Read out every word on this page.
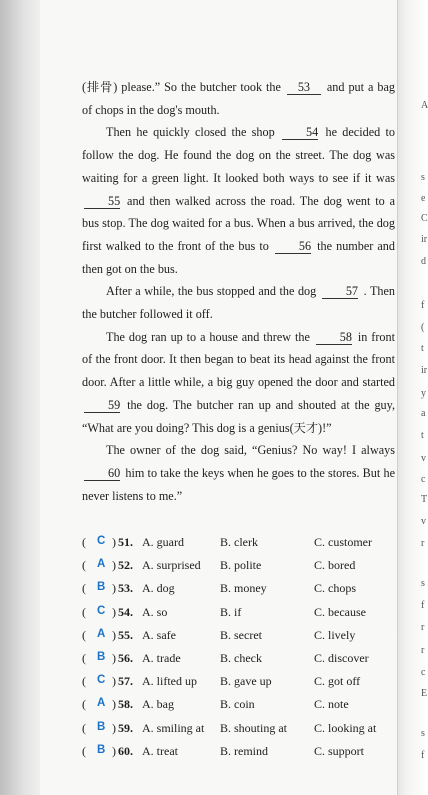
A
s
e
C
ir
d
f
(
t
ir
y
a
t
v
c
T
v
r
s
f
r
r
c
E
s
f

(排骨) please.” So the butcher took the 53 and put a bag of chops in the dog's mouth.

Then he quickly closed the shop 54 he decided to follow the dog. He found the dog on the street. The dog was waiting for a green light. It looked both ways to see if it was 55 and then walked across the road. The dog went to a bus stop. The dog waited for a bus. When a bus arrived, the dog first walked to the front of the bus to 56 the number and then got on the bus.

After a while, the bus stopped and the dog 57 . Then the butcher followed it off.

The dog ran up to a house and threw the 58 in front of the front door. It then began to beat its head against the front door. After a little while, a big guy opened the door and started 59 the dog. The butcher ran up and shouted at the guy, “What are you doing? This dog is a genius(天才)!”

The owner of the dog said, “Genius? No way! I always 60 him to take the keys when he goes to the stores. But he never listens to me.”

( C ) 51. A. guard	B. clerk	C. customer
( A ) 52. A. surprised B. polite	C. bored
( B ) 53. A. dog	B. money	C. chops
( C ) 54. A. so	B. if	C. because
( A ) 55. A. safe	B. secret	C. lively
( B ) 56. A. trade	B. check	C. discover
( C ) 57. A. lifted up B. gave up	C. got off
( A ) 58. A. bag	B. coin	C. note
( B ) 59. A. smiling at B. shouting at C. looking at
( B ) 60. A. treat	B. remind	C. support
